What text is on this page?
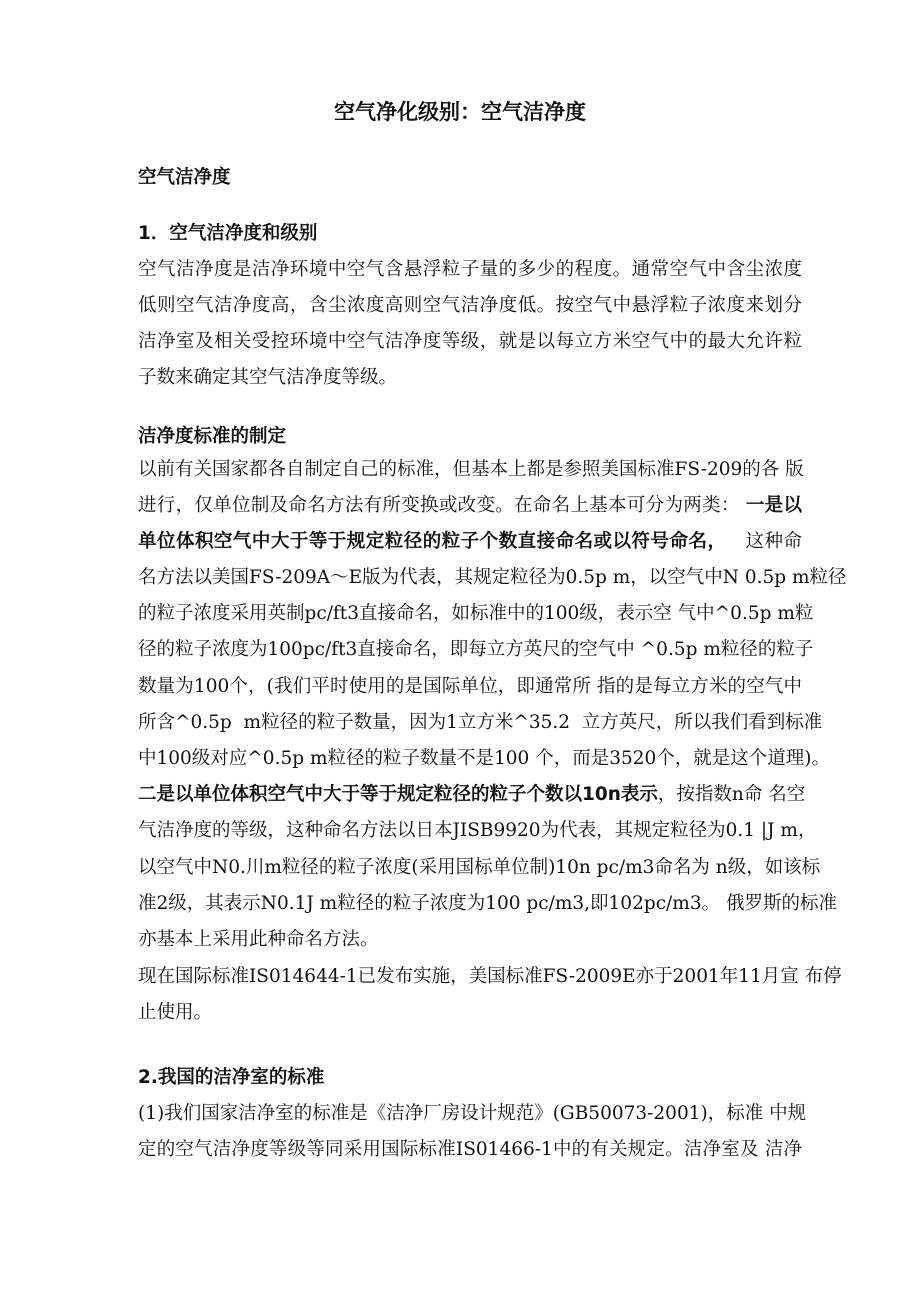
空气净化级别：空气洁净度
空气洁净度
1．空气洁净度和级别
空气洁净度是洁净环境中空气含悬浮粒子量的多少的程度。通常空气中含尘浓度
低则空气洁净度高，含尘浓度高则空气洁净度低。按空气中悬浮粒子浓度来划分
洁净室及相关受控环境中空气洁净度等级，就是以每立方米空气中的最大允许粒
子数来确定其空气洁净度等级。
洁净度标准的制定
以前有关国家都各自制定自己的标准，但基本上都是参照美国标准FS-209的各 版
进行，仅单位制及命名方法有所变换或改变。在命名上基本可分为两类： 一是以
单位体积空气中大于等于规定粒径的粒子个数直接命名或以符号命名，   这种命
名方法以美国FS-209A〜E版为代表，其规定粒径为0.5p m，以空气中N 0.5p m粒径
的粒子浓度采用英制pc/ft3直接命名，如标准中的100级，表示空 气中^0.5p m粒
径的粒子浓度为100pc/ft3直接命名，即每立方英尺的空气中 ^0.5p m粒径的粒子
数量为100个，(我们平时使用的是国际单位，即通常所 指的是每立方米的空气中
所含^0.5p  m粒径的粒子数量，因为1立方米^35.2  立方英尺，所以我们看到标准
中100级对应^0.5p m粒径的粒子数量不是100 个，而是3520个，就是这个道理)。
二是以单位体积空气中大于等于规定粒径的粒子个数以10n表示，按指数n命 名空
气洁净度的等级，这种命名方法以日本JISB9920为代表，其规定粒径为0.1 |J m，
以空气中N0.川m粒径的粒子浓度(采用国标单位制)10n pc/m3命名为 n级，如该标
准2级，其表示N0.1J m粒径的粒子浓度为100 pc/m3,即102pc/m3。 俄罗斯的标准
亦基本上采用此种命名方法。
现在国际标准IS014644-1已发布实施，美国标准FS-2009E亦于2001年11月宣 布停
止使用。
2.我国的洁净室的标准
(1)我们国家洁净室的标准是《洁净厂房设计规范》(GB50073-2001)，标准 中规
定的空气洁净度等级等同采用国际标准IS01466-1中的有关规定。洁净室及 洁净
